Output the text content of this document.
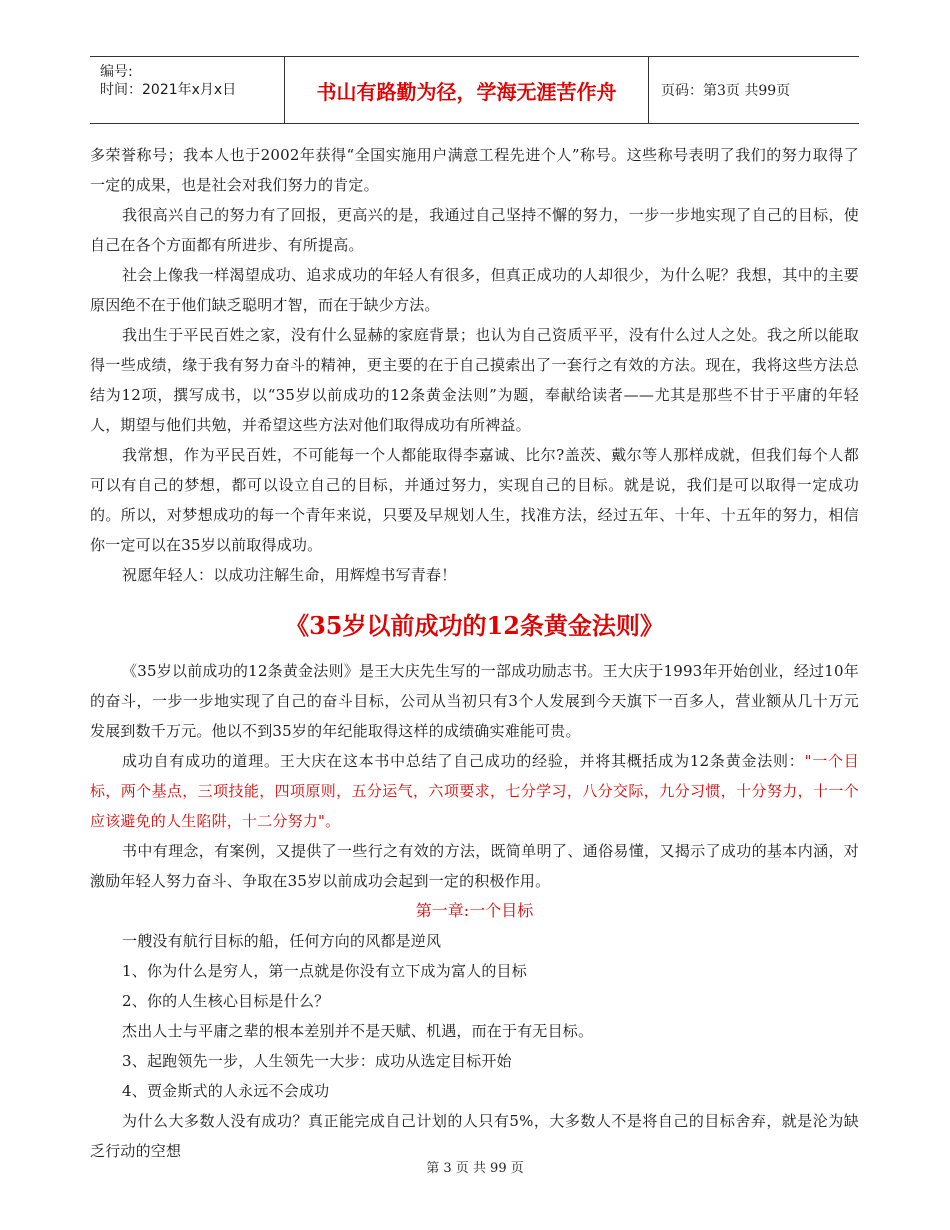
编号:
时间：2021年x月x日	书山有路勤为径，学海无涯苦作舟	页码：第3页 共99页

多荣誉称号；我本人也于2002年获得“全国实施用户满意工程先进个人”称号。这些称号表明了我们的努力取得了一定的成果，也是社会对我们努力的肯定。

我很高兴自己的努力有了回报，更高兴的是，我通过自己坚持不懈的努力，一步一步地实现了自己的目标，使自己在各个方面都有所进步、有所提高。

社会上像我一样渴望成功、追求成功的年轻人有很多，但真正成功的人却很少，为什么呢？我想，其中的主要原因绝不在于他们缺乏聪明才智，而在于缺少方法。

我出生于平民百姓之家，没有什么显赫的家庭背景；也认为自己资质平平，没有什么过人之处。我之所以能取得一些成绩，缘于我有努力奋斗的精神，更主要的在于自己摸索出了一套行之有效的方法。现在，我将这些方法总结为12项，撰写成书，以“35岁以前成功的12条黄金法则”为题，奉献给读者——尤其是那些不甘于平庸的年轻人，期望与他们共勉，并希望这些方法对他们取得成功有所裨益。

我常想，作为平民百姓，不可能每一个人都能取得李嘉诚、比尔?盖茨、戴尔等人那样成就，但我们每个人都可以有自己的梦想，都可以设立自己的目标，并通过努力，实现自己的目标。就是说，我们是可以取得一定成功的。所以，对梦想成功的每一个青年来说，只要及早规划人生，找准方法，经过五年、十年、十五年的努力，相信你一定可以在35岁以前取得成功。

祝愿年轻人：以成功注解生命，用辉煌书写青春！

《35岁以前成功的12条黄金法则》

《35岁以前成功的12条黄金法则》是王大庆先生写的一部成功励志书。王大庆于1993年开始创业，经过10年的奋斗，一步一步地实现了自己的奋斗目标，公司从当初只有3个人发展到今天旗下一百多人，营业额从几十万元发展到数千万元。他以不到35岁的年纪能取得这样的成绩确实难能可贵。

成功自有成功的道理。王大庆在这本书中总结了自己成功的经验，并将其概括成为12条黄金法则："一个目标，两个基点，三项技能，四项原则，五分运气，六项要求，七分学习，八分交际，九分习惯，十分努力，十一个应该避免的人生陷阱，十二分努力"。

书中有理念，有案例，又提供了一些行之有效的方法，既简单明了、通俗易懂，又揭示了成功的基本内涵，对激励年轻人努力奋斗、争取在35岁以前成功会起到一定的积极作用。

第一章:一个目标

一艘没有航行目标的船，任何方向的风都是逆风

1、你为什么是穷人，第一点就是你没有立下成为富人的目标

2、你的人生核心目标是什么？

杰出人士与平庸之辈的根本差别并不是天赋、机遇，而在于有无目标。

3、起跑领先一步，人生领先一大步：成功从选定目标开始

4、贾金斯式的人永远不会成功

为什么大多数人没有成功？真正能完成自己计划的人只有5%，大多数人不是将自己的目标舍弃，就是沦为缺乏行动的空想

第 3 页 共 99 页
